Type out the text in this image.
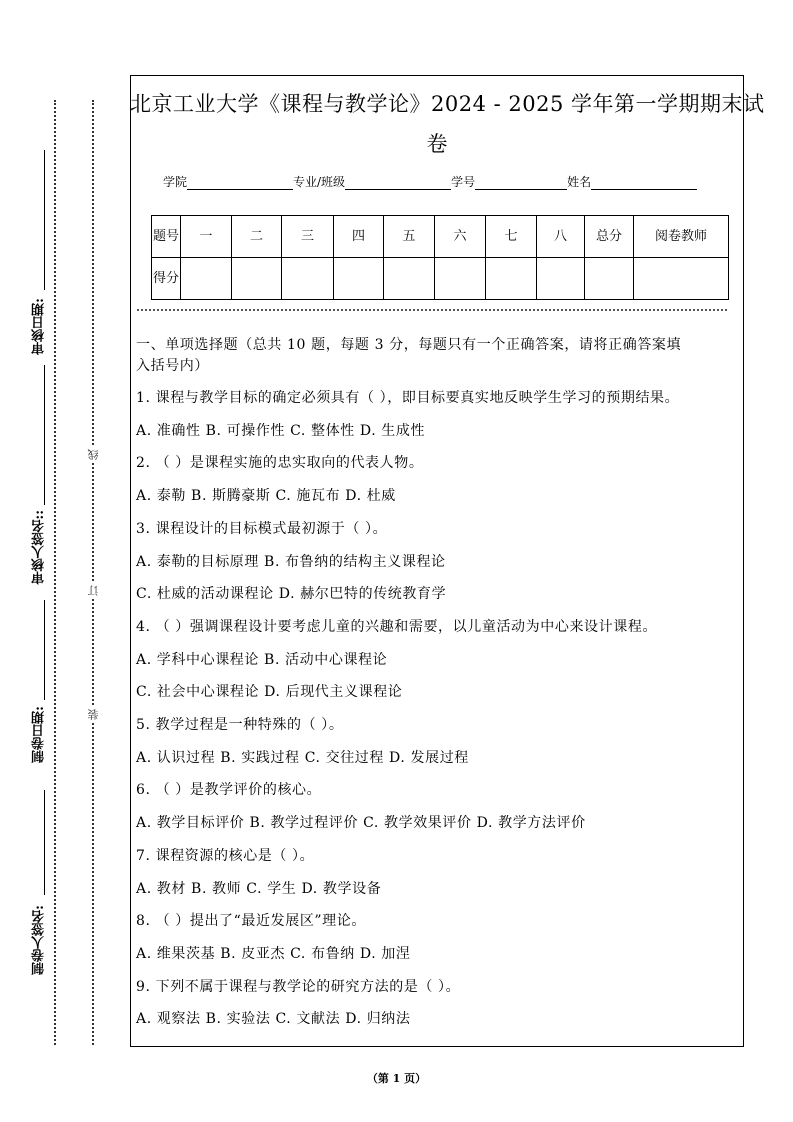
审核日期:
审核人签名::
制卷日期:
制卷人签名:
线
订
装
北京工业大学《课程与教学论》2024 - 2025 学年第一学期期末试
卷
学院	专业/班级	学号	姓名
题号	一	二	三	四	五	六	七	八	总分	阅卷教师
得分										
一、单项选择题（总共 10 题，每题 3 分，每题只有一个正确答案，请将正确答案填
入括号内）
1. 课程与教学目标的确定必须具有（ ），即目标要真实地反映学生学习的预期结果。
A. 准确性 B. 可操作性 C. 整体性 D. 生成性
2. （ ）是课程实施的忠实取向的代表人物。
A. 泰勒 B. 斯腾豪斯 C. 施瓦布 D. 杜威
3. 课程设计的目标模式最初源于（ ）。
A. 泰勒的目标原理 B. 布鲁纳的结构主义课程论
C. 杜威的活动课程论 D. 赫尔巴特的传统教育学
4. （ ）强调课程设计要考虑儿童的兴趣和需要，以儿童活动为中心来设计课程。
A. 学科中心课程论 B. 活动中心课程论
C. 社会中心课程论 D. 后现代主义课程论
5. 教学过程是一种特殊的（ ）。
A. 认识过程 B. 实践过程 C. 交往过程 D. 发展过程
6. （ ）是教学评价的核心。
A. 教学目标评价 B. 教学过程评价 C. 教学效果评价 D. 教学方法评价
7. 课程资源的核心是（ ）。
A. 教材 B. 教师 C. 学生 D. 教学设备
8. （ ）提出了“最近发展区”理论。
A. 维果茨基 B. 皮亚杰 C. 布鲁纳 D. 加涅
9. 下列不属于课程与教学论的研究方法的是（ ）。
A. 观察法 B. 实验法 C. 文献法 D. 归纳法
（第 1 页）
